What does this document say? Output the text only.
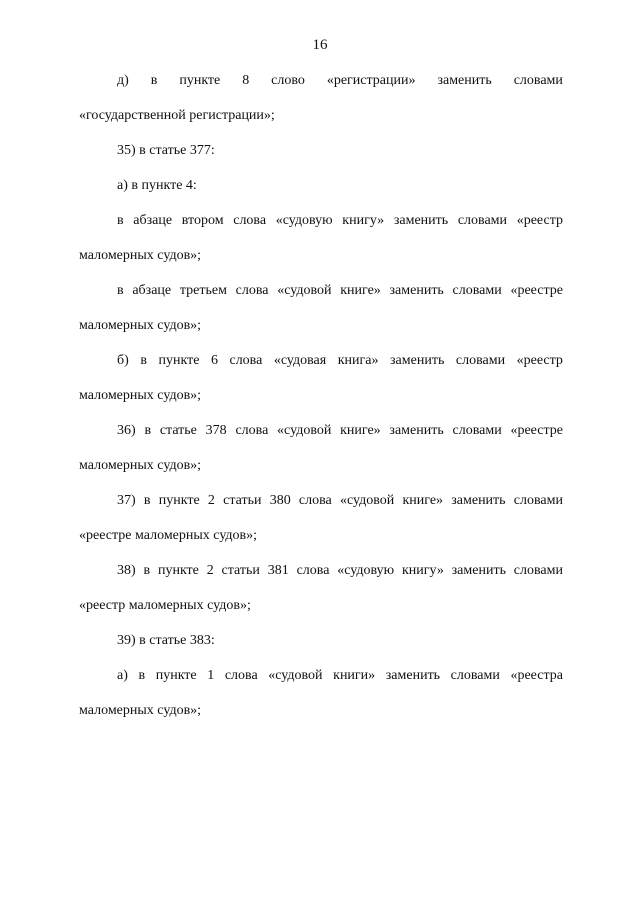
16
д) в пункте 8 слово «регистрации» заменить словами
«государственной регистрации»;
35) в статье 377:
а) в пункте 4:
в абзаце втором слова «судовую книгу» заменить словами «реестр
маломерных судов»;
в абзаце третьем слова «судовой книге» заменить словами «реестре
маломерных судов»;
б) в пункте 6 слова «судовая книга» заменить словами «реестр
маломерных судов»;
36) в статье 378 слова «судовой книге» заменить словами «реестре
маломерных судов»;
37) в пункте 2 статьи 380 слова «судовой книге» заменить словами
«реестре маломерных судов»;
38) в пункте 2 статьи 381 слова «судовую книгу» заменить словами
«реестр маломерных судов»;
39) в статье 383:
а) в пункте 1 слова «судовой книги» заменить словами «реестра
маломерных судов»;
